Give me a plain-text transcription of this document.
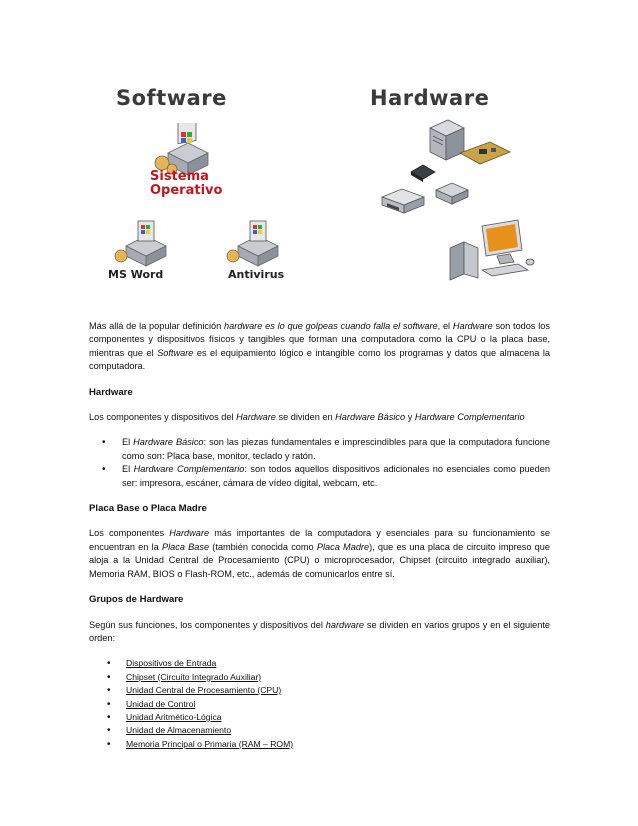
Software	Hardware
Sistema
Operativo
MS Word	Antivirus

Más allá de la popular definición hardware es lo que golpeas cuando falla el software, el Hardware son todos los componentes y dispositivos físicos y tangibles que forman una computadora como la CPU o la placa base, mientras que el Software es el equipamiento lógico e intangible como los programas y datos que almacena la computadora.

Hardware

Los componentes y dispositivos del Hardware se dividen en Hardware Básico y Hardware Complementario

• El Hardware Básico: son las piezas fundamentales e imprescindibles para que la computadora funcione como son: Placa base, monitor, teclado y ratón.
• El Hardware Complementario: son todos aquellos dispositivos adicionales no esenciales como pueden ser: impresora, escáner, cámara de vídeo digital, webcam, etc.

Placa Base o Placa Madre

Los componentes Hardware más importantes de la computadora y esenciales para su funcionamiento se encuentran en la Placa Base (también conocida como Placa Madre), que es una placa de circuito impreso que aloja a la Unidad Central de Procesamiento (CPU) o microprocesador, Chipset (circuito integrado auxiliar), Memoria RAM, BIOS o Flash-ROM, etc., además de comunicarlos entre sí.

Grupos de Hardware

Según sus funciones, los componentes y dispositivos del hardware se dividen en varios grupos y en el siguiente orden:

• Dispositivos de Entrada
• Chipset (Circuito Integrado Auxiliar)
• Unidad Central de Procesamiento (CPU)
• Unidad de Control
• Unidad Aritmético-Lógica
• Unidad de Almacenamiento
• Memoria Principal o Primaria (RAM – ROM)
